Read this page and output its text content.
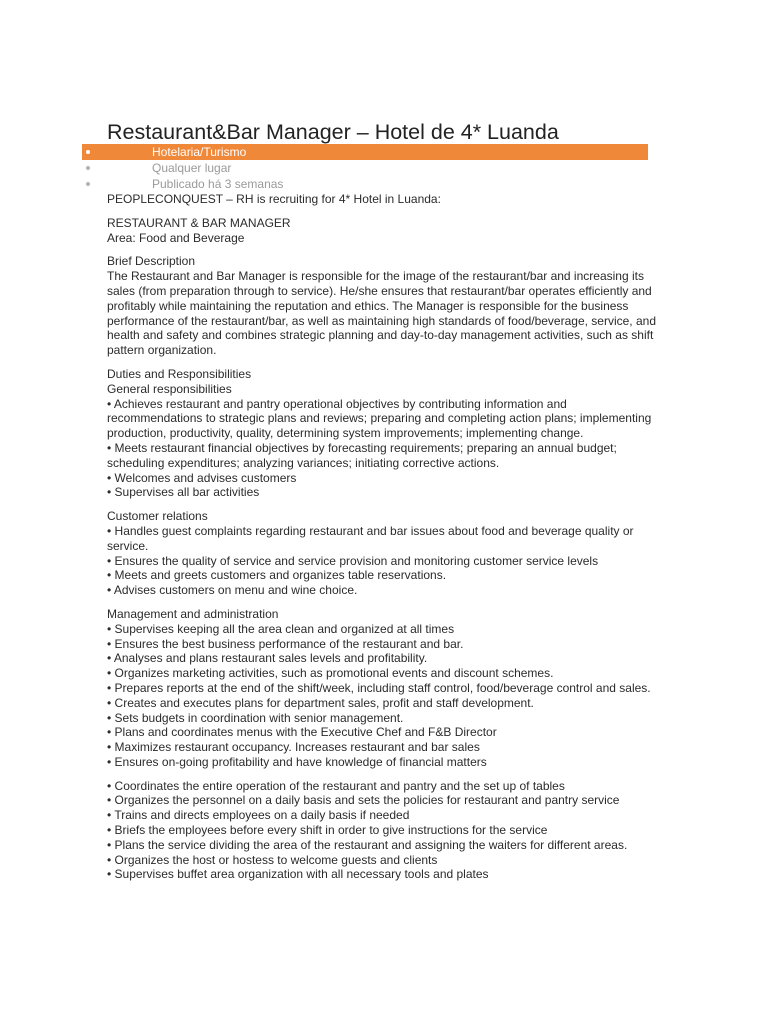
Restaurant&Bar Manager – Hotel de 4* Luanda
Hotelaria/Turismo
Qualquer lugar
Publicado há 3 semanas

PEOPLECONQUEST – RH is recruiting for 4* Hotel in Luanda:

RESTAURANT & BAR MANAGER

Area: Food and Beverage

Brief Description

The Restaurant and Bar Manager is responsible for the image of the restaurant/bar and increasing its sales (from preparation through to service). He/she ensures that restaurant/bar operates efficiently and profitably while maintaining the reputation and ethics. The Manager is responsible for the business performance of the restaurant/bar, as well as maintaining high standards of food/beverage, service, and health and safety and combines strategic planning and day-to-day management activities, such as shift pattern organization.

Duties and Responsibilities

General responsibilities

• Achieves restaurant and pantry operational objectives by contributing information and recommendations to strategic plans and reviews; preparing and completing action plans; implementing production, productivity, quality, determining system improvements; implementing change.

• Meets restaurant financial objectives by forecasting requirements; preparing an annual budget; scheduling expenditures; analyzing variances; initiating corrective actions.

• Welcomes and advises customers

• Supervises all bar activities

Customer relations

• Handles guest complaints regarding restaurant and bar issues about food and beverage quality or service.

• Ensures the quality of service and service provision and monitoring customer service levels

• Meets and greets customers and organizes table reservations.

• Advises customers on menu and wine choice.

Management and administration

• Supervises keeping all the area clean and organized at all times

• Ensures the best business performance of the restaurant and bar.

• Analyses and plans restaurant sales levels and profitability.

• Organizes marketing activities, such as promotional events and discount schemes.

• Prepares reports at the end of the shift/week, including staff control, food/beverage control and sales.

• Creates and executes plans for department sales, profit and staff development.

• Sets budgets in coordination with senior management.

• Plans and coordinates menus with the Executive Chef and F&B Director

• Maximizes restaurant occupancy. Increases restaurant and bar sales

• Ensures on-going profitability and have knowledge of financial matters

• Coordinates the entire operation of the restaurant and pantry and the set up of tables

• Organizes the personnel on a daily basis and sets the policies for restaurant and pantry service

• Trains and directs employees on a daily basis if needed

• Briefs the employees before every shift in order to give instructions for the service

• Plans the service dividing the area of the restaurant and assigning the waiters for different areas.

• Organizes the host or hostess to welcome guests and clients

• Supervises buffet area organization with all necessary tools and plates
